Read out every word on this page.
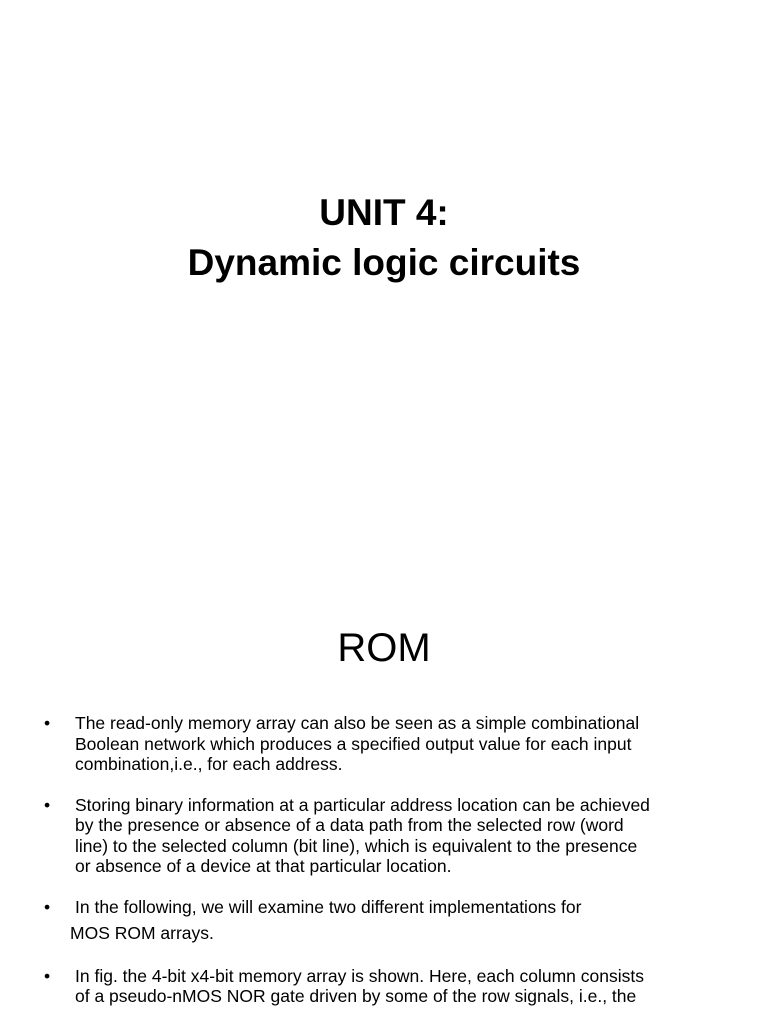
UNIT 4:
Dynamic logic circuits
ROM
• The read-only memory array can also be seen as a simple combinational
Boolean network which produces a specified output value for each input
combination,i.e., for each address.
• Storing binary information at a particular address location can be achieved
by the presence or absence of a data path from the selected row (word
line) to the selected column (bit line), which is equivalent to the presence
or absence of a device at that particular location.
• In the following, we will examine two different implementations for
MOS ROM arrays.
• In fig. the 4-bit x4-bit memory array is shown. Here, each column consists
of a pseudo-nMOS NOR gate driven by some of the row signals, i.e., the
